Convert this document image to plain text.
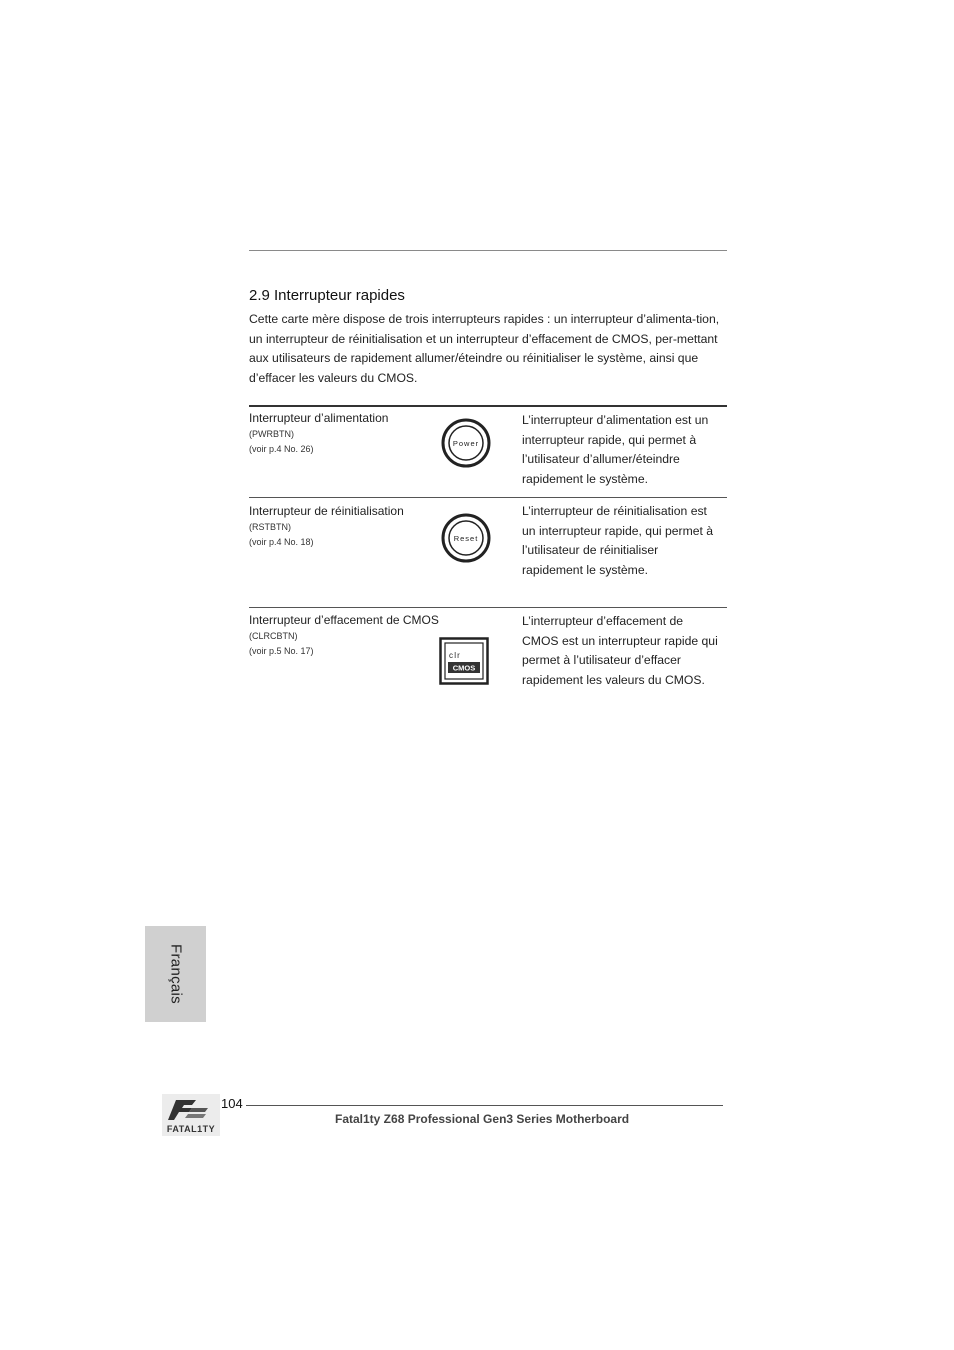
2.9 Interrupteur rapides

Cette carte mère dispose de trois interrupteurs rapides : un interrupteur d’alimenta-tion, un interrupteur de réinitialisation et un interrupteur d’effacement de CMOS, per-mettant aux utilisateurs de rapidement allumer/éteindre ou réinitialiser le système, ainsi que d’effacer les valeurs du CMOS.

Interrupteur d’alimentation
(PWRBTN)
(voir p.4 No. 26)
Power

L’interrupteur d’alimentation est un interrupteur rapide, qui permet à l’utilisateur d’allumer/éteindre rapidement le système.

Interrupteur de réinitialisation
(RSTBTN)
(voir p.4 No. 18)	Reset

L’interrupteur de réinitialisation est un interrupteur rapide, qui permet à l’utilisateur de réinitialiser rapidement le système.

Interrupteur d’effacement de CMOS
(CLRCBTN)
(voir p.5 No. 17)	clr
CMOS

L’interrupteur d’effacement de CMOS est un interrupteur rapide qui permet à l’utilisateur d’effacer rapidement les valeurs du CMOS.

Français
FATAL1TY
104
Fatal1ty Z68 Professional Gen3 Series Motherboard
